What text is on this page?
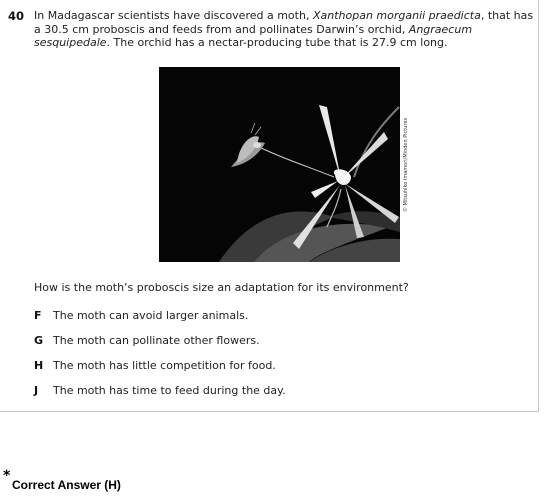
40 In Madagascar scientists have discovered a moth, Xanthopan morganii praedicta, that has a 30.5 cm proboscis and feeds from and pollinates Darwin’s orchid, Angraecum sesquipedale. The orchid has a nectar-producing tube that is 27.9 cm long.
© Mitsuhiko Imamori/Minden Pictures
How is the moth’s proboscis size an adaptation for its environment?
F The moth can avoid larger animals.
G The moth can pollinate other flowers.
H The moth has little competition for food.
J The moth has time to feed during the day.
*
Correct Answer (H)
